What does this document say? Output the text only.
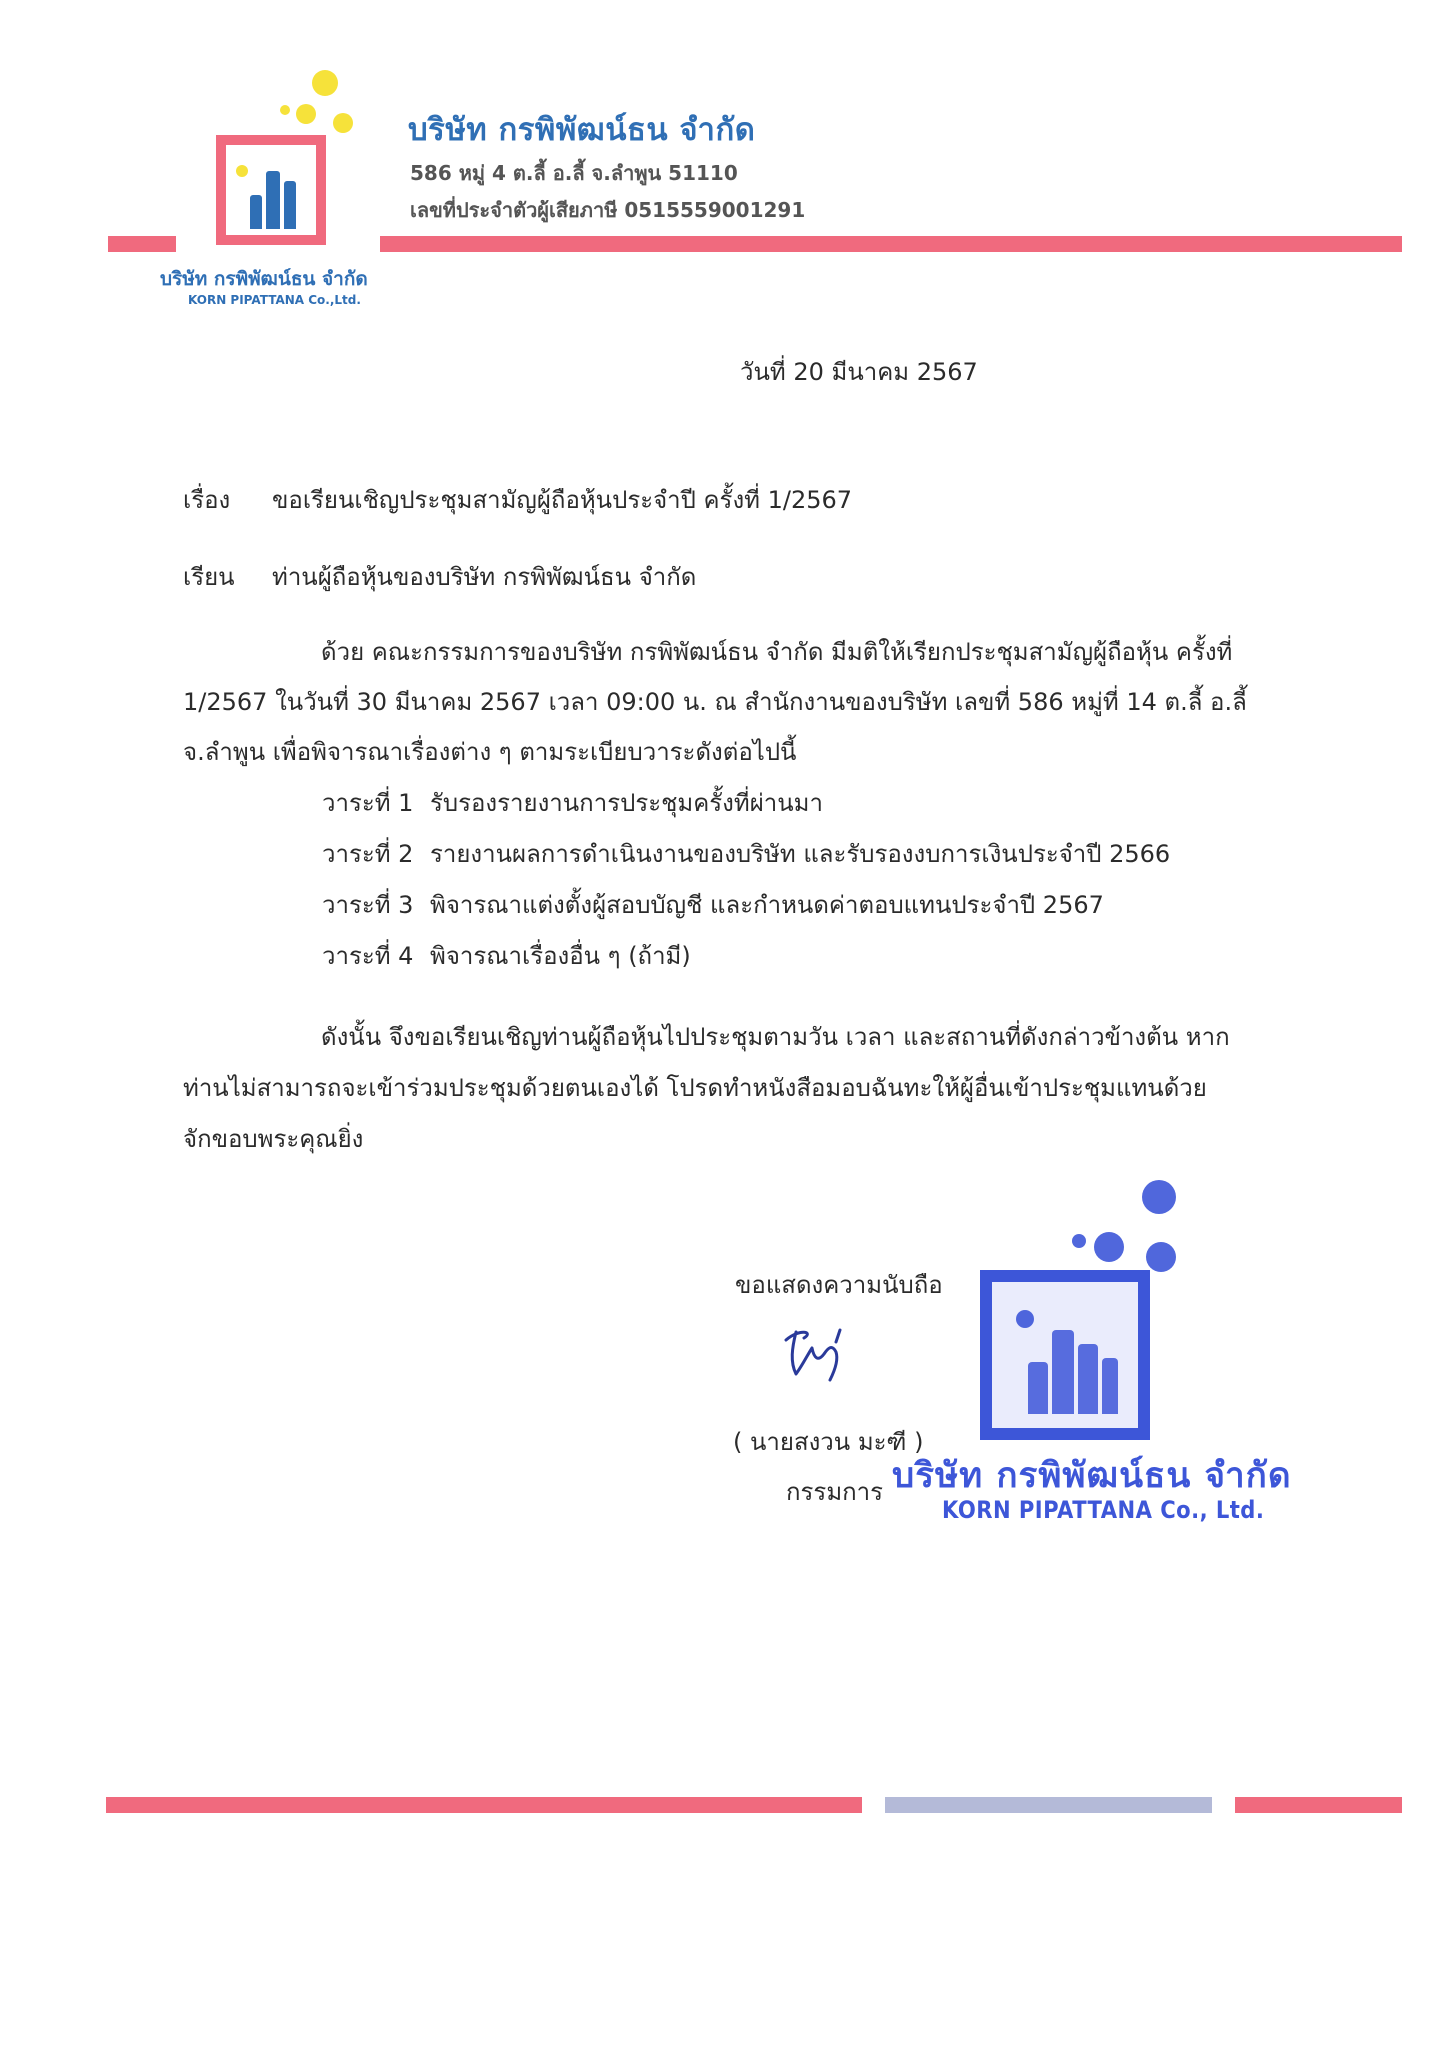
บริษัท กรพิพัฒน์ธน จำกัด
586 หมู่ 4 ต.ลี้ อ.ลี้ จ.ลำพูน 51110
เลขที่ประจำตัวผู้เสียภาษี 0515559001291
บริษัท กรพิพัฒน์ธน จำกัด
KORN PIPATTANA Co.,Ltd.
วันที่ 20 มีนาคม 2567
เรื่อง ขอเรียนเชิญประชุมสามัญผู้ถือหุ้นประจำปี ครั้งที่ 1/2567
เรียน ท่านผู้ถือหุ้นของบริษัท กรพิพัฒน์ธน จำกัด
ด้วย คณะกรรมการของบริษัท กรพิพัฒน์ธน จำกัด มีมติให้เรียกประชุมสามัญผู้ถือหุ้น ครั้งที่
1/2567 ในวันที่ 30 มีนาคม 2567 เวลา 09:00 น. ณ สำนักงานของบริษัท เลขที่ 586 หมู่ที่ 14 ต.ลี้ อ.ลี้
จ.ลำพูน เพื่อพิจารณาเรื่องต่าง ๆ ตามระเบียบวาระดังต่อไปนี้
วาระที่ 1 รับรองรายงานการประชุมครั้งที่ผ่านมา
วาระที่ 2 รายงานผลการดำเนินงานของบริษัท และรับรองงบการเงินประจำปี 2566
วาระที่ 3 พิจารณาแต่งตั้งผู้สอบบัญชี และกำหนดค่าตอบแทนประจำปี 2567
วาระที่ 4 พิจารณาเรื่องอื่น ๆ (ถ้ามี)
ดังนั้น จึงขอเรียนเชิญท่านผู้ถือหุ้นไปประชุมตามวัน เวลา และสถานที่ดังกล่าวข้างต้น หาก
ท่านไม่สามารถจะเข้าร่วมประชุมด้วยตนเองได้ โปรดทำหนังสือมอบฉันทะให้ผู้อื่นเข้าประชุมแทนด้วย
จักขอบพระคุณยิ่ง
ขอแสดงความนับถือ
( นายสงวน มะฑี )
กรรมการ บริษัท กรพิพัฒน์ธน จำกัด
KORN PIPATTANA Co., Ltd.
